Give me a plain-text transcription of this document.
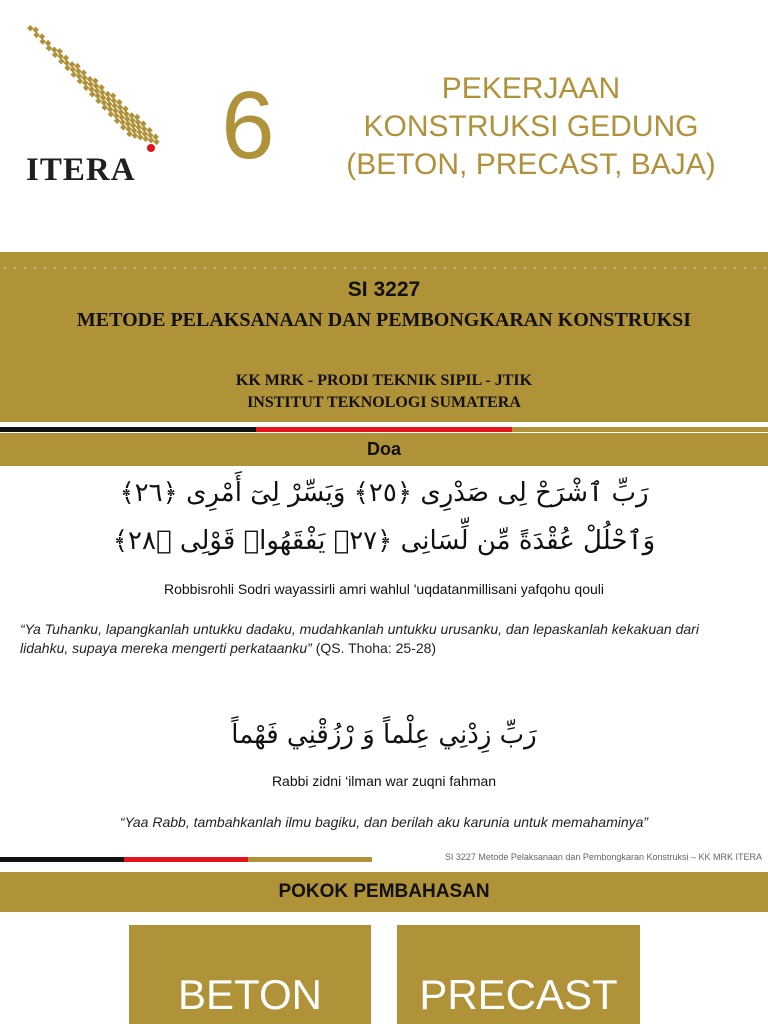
ITERA 6	PEKERJAAN
KONSTRUKSI GEDUNG
(BETON, PRECAST, BAJA)
SI 3227
METODE PELAKSANAAN DAN PEMBONGKARAN KONSTRUKSI
KK MRK - PRODI TEKNIK SIPIL - JTIK
INSTITUT TEKNOLOGI SUMATERA
Doa
رَبِّ ٱشْرَحْ لِى صَدْرِى ﴿٢٥﴾ وَيَسِّرْ لِىٓ أَمْرِى ﴿٢٦﴾
وَٱحْلُلْ عُقْدَةً مِّن لِّسَانِى ﴿٢٧﴾ يَفْقَهُوا۟ قَوْلِى ﴿٢٨﴾
Robbisrohli Sodri wayassirli amri wahlul 'uqdatanmillisani yafqohu qouli
“Ya Tuhanku, lapangkanlah untukku dadaku, mudahkanlah untukku urusanku, dan lepaskanlah kekakuan dari lidahku, supaya mereka mengerti perkataanku” (QS. Thoha: 25-28)
رَبِّ زِدْنِي عِلْماً وَ رْزُقْنِي فَهْماً
Rabbi zidni ‘ilman war zuqni fahman
“Yaa Rabb, tambahkanlah ilmu bagiku, dan berilah aku karunia untuk memahaminya”
SI 3227 Metode Pelaksanaan dan Pembongkaran Konstruksi – KK MRK ITERA
POKOK PEMBAHASAN
BETON	PRECAST
